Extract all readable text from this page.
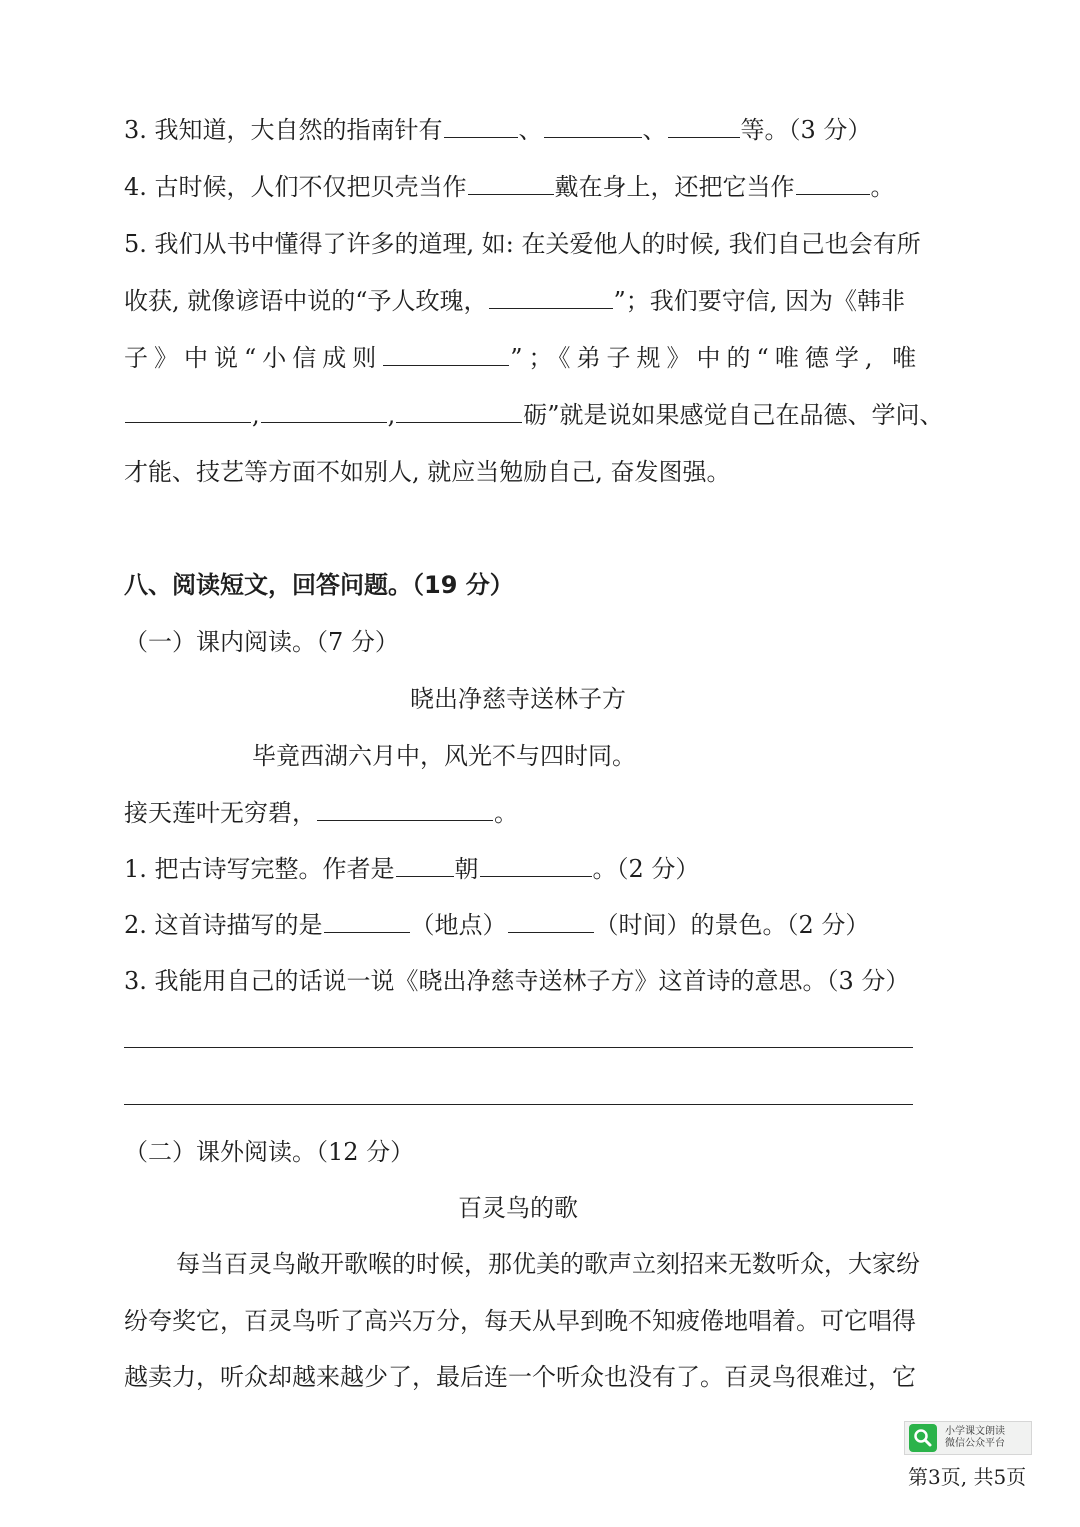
3. 我知道，大自然的指南针有	、	、	等。（3 分）
4. 古时候，人们不仅把贝壳当作	戴在身上，还把它当作	。
5. 我们从书中懂得了许多的道理, 如: 在关爱他人的时候, 我们自己也会有所
收获, 就像谚语中说的“予人玫瑰，	”；我们要守信, 因为《韩非
子》中说“小信成则	”；《弟子规》中的“唯德学, 唯
,	,	砺”就是说如果感觉自己在品德、学问、
才能、技艺等方面不如别人, 就应当勉励自己, 奋发图强。
八、阅读短文，回答问题。（19 分）
（一）课内阅读。（7 分）
晓出净慈寺送林子方
毕竟西湖六月中，风光不与四时同。
接天莲叶无穷碧，	。
1. 把古诗写完整。作者是	朝	。（2 分）
2. 这首诗描写的是	（地点）	（时间）的景色。（2 分）
3. 我能用自己的话说一说《晓出净慈寺送林子方》这首诗的意思。（3 分）
（二）课外阅读。（12 分）
百灵鸟的歌
每当百灵鸟敞开歌喉的时候，那优美的歌声立刻招来无数听众，大家纷
纷夸奖它，百灵鸟听了高兴万分，每天从早到晚不知疲倦地唱着。可它唱得
越卖力，听众却越来越少了，最后连一个听众也没有了。百灵鸟很难过，它
小学课文朗读
微信公众平台
第3页, 共5页
